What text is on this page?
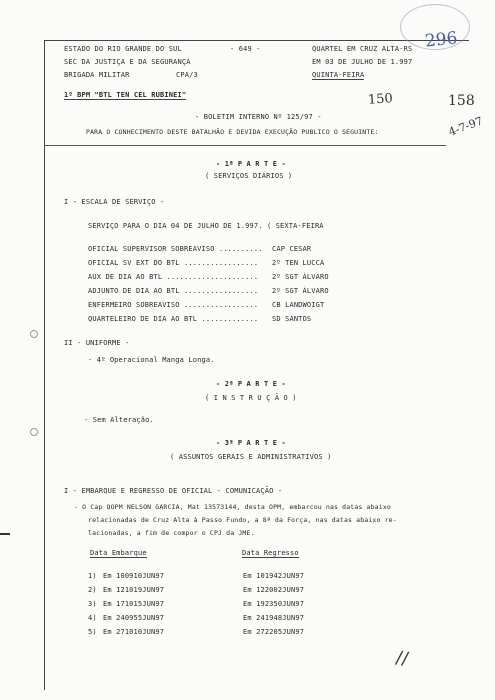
296
ESTADO DO RIO GRANDE DO SUL
SEC DA JUSTIÇA E DA SEGURANÇA
BRIGADA MILITAR	CPA/3
- 649 -	QUARTEL EM CRUZ ALTA-RS
EM 03 DE JULHO DE 1.997
QUINTA-FEIRA
1º BPM "BTL TEN CEL RUBINEI"	150	158
4-7-97
- BOLETIM INTERNO Nº 125/97 -
PARA O CONHECIMENTO DESTE BATALHÃO E DEVIDA EXECUÇÃO PUBLICO O SEGUINTE:
- 1ª P A R T E -
( SERVIÇOS DIÁRIOS )
I - ESCALA DE SERVIÇO -
SERVIÇO PARA O DIA 04 DE JULHO DE 1.997. ( SEXTA-FEIRA
OFICIAL SUPERVISOR SOBREAVISO .......... CAP CESAR
OFICIAL SV EXT DO BTL ................. 2º TEN LUCCA
AUX DE DIA AO BTL ..................... 2º SGT ÁLVARO
ADJUNTO DE DIA AO BTL ................. 2º SGT ÁLVARO
ENFERMEIRO SOBREAVISO ................. CB LANDWOIGT
QUARTELEIRO DE DIA AO BTL ............. SD SANTOS
II - UNIFORME -
- 4º Operacional Manga Longa.
- 2ª P A R T E -
( I N S T R U Ç Ã O )
- Sem Alteração.
- 3ª P A R T E -
( ASSUNTOS GERAIS E ADMINISTRATIVOS )
I - EMBARQUE E REGRESSO DE OFICIAL - COMUNICAÇÃO -
- O Cap QOPM NELSON GARCIA, Mat 13573144, desta OPM, embarcou nas datas abaixo
relacionadas de Cruz Alta à Passo Fundo, a 8ª da Força, nas datas abaixo re-
lacionadas, a fim de compor o CPJ da JME.
Data Embarque	Data Regresso
1) Em 100910JUN97	Em 101942JUN97
2) Em 121019JUN97	Em 122002JUN97
3) Em 171015JUN97	Em 192350JUN97
4) Em 240955JUN97	Em 241948JUN97
5) Em 271010JUN97	Em 272205JUN97
//
